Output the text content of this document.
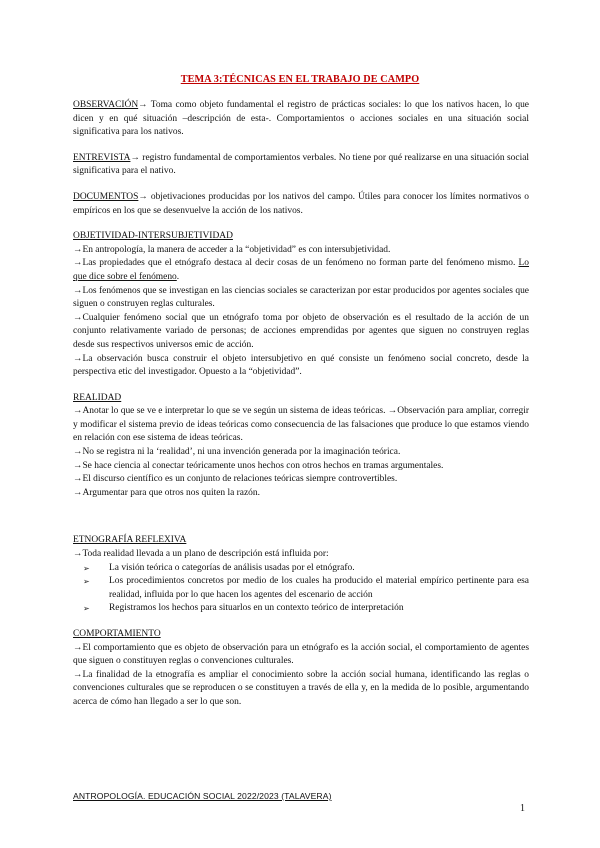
TEMA 3:TÉCNICAS EN EL TRABAJO DE CAMPO

OBSERVACIÓN→ Toma como objeto fundamental el registro de prácticas sociales: lo que los nativos hacen, lo que dicen y en qué situación –descripción de esta-. Comportamientos o acciones sociales en una situación social significativa para los nativos.

ENTREVISTA→ registro fundamental de comportamientos verbales. No tiene por qué realizarse en una situación social significativa para el nativo.

DOCUMENTOS→ objetivaciones producidas por los nativos del campo. Útiles para conocer los límites normativos o empíricos en los que se desenvuelve la acción de los nativos.

OBJETIVIDAD-INTERSUBJETIVIDAD
→En antropología, la manera de acceder a la “objetividad” es con intersubjetividad.
→Las propiedades que el etnógrafo destaca al decir cosas de un fenómeno no forman parte del fenómeno mismo. Lo que dice sobre el fenómeno.
→Los fenómenos que se investigan en las ciencias sociales se caracterizan por estar producidos por agentes sociales que siguen o construyen reglas culturales.
→Cualquier fenómeno social que un etnógrafo toma por objeto de observación es el resultado de la acción de un conjunto relativamente variado de personas; de acciones emprendidas por agentes que siguen no construyen reglas desde sus respectivos universos emic de acción.
→La observación busca construir el objeto intersubjetivo en qué consiste un fenómeno social concreto, desde la perspectiva etic del investigador. Opuesto a la “objetividad”.
REALIDAD
→Anotar lo que se ve e interpretar lo que se ve según un sistema de ideas teóricas. →Observación para ampliar, corregir y modificar el sistema previo de ideas teóricas como consecuencia de las falsaciones que produce lo que estamos viendo en relación con ese sistema de ideas teóricas.
→No se registra ni la ‘realidad’, ni una invención generada por la imaginación teórica.
→Se hace ciencia al conectar teóricamente unos hechos con otros hechos en tramas argumentales.
→El discurso científico es un conjunto de relaciones teóricas siempre controvertibles.
→Argumentar para que otros nos quiten la razón.
ETNOGRAFÍA REFLEXIVA
→Toda realidad llevada a un plano de descripción está influida por:
➢ La visión teórica o categorías de análisis usadas por el etnógrafo.
➢ Los procedimientos concretos por medio de los cuales ha producido el material empírico pertinente para esa realidad, influida por lo que hacen los agentes del escenario de acción
➢ Registramos los hechos para situarlos en un contexto teórico de interpretación
COMPORTAMIENTO
→El comportamiento que es objeto de observación para un etnógrafo es la acción social, el comportamiento de agentes que siguen o constituyen reglas o convenciones culturales.
→La finalidad de la etnografía es ampliar el conocimiento sobre la acción social humana, identificando las reglas o convenciones culturales que se reproducen o se constituyen a través de ella y, en la medida de lo posible, argumentando acerca de cómo han llegado a ser lo que son.
ANTROPOLOGÍA. EDUCACIÓN SOCIAL 2022/2023 (TALAVERA)
1
